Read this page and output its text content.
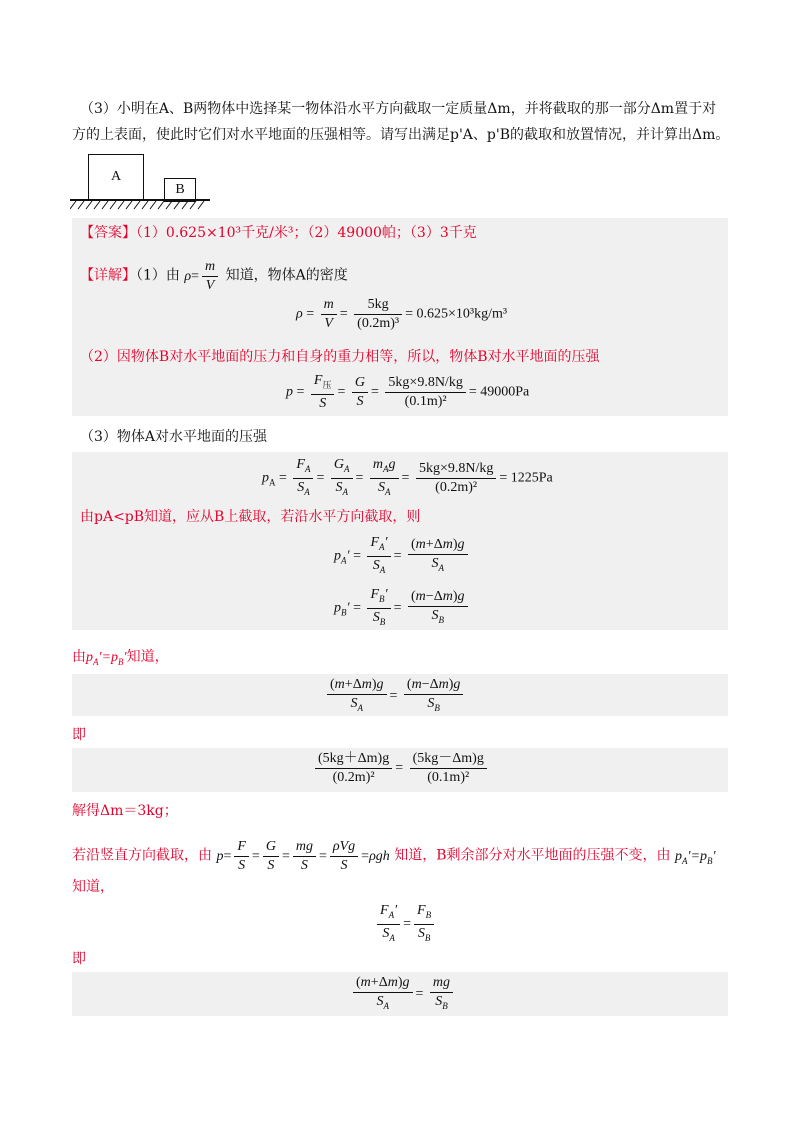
（3）小明在A、B两物体中选择某一物体沿水平方向截取一定质量Δm，并将截取的那一部分Δm置于对
方的上表面，使此时它们对水平地面的压强相等。请写出满足p'A、p'B的截取和放置情况，并计算出Δm。
A
B
【答案】（1）0.625×10³千克/米³；（2）49000帕；（3）3千克
【详解】（1）由 $\rho= \frac{m}{V}$ 知道，物体A的密度
$\rho = \frac{m}{V} = \frac{5kg}{\text{(0.2m)³}} = 0.625\times 10^3kg/m^3$
（2）因物体B对水平地面的压力和自身的重力相等，所以，物体B对水平地面的压强
$p = \frac{F_压}{S} = \frac{G}{S} = \frac{5kg\times 9.8N/kg}{\text{(0.1m)²}} = 49000Pa$
（3）物体A对水平地面的压强
$p_A = \frac{F_A}{S_A} = \frac{G_A}{S_A} = \frac{m_Ag}{S_A} = \frac{5kg\times 9.8N/kg}{\text{(0.2m)²}} = 1225Pa$
由pA<pB知道，应从B上截取，若沿水平方向截取，则
$p_A' = \frac{F_A'}{S_A} = \frac{(m+\Delta m)g}{S_A}$
$p_B' = \frac{F_B'}{S_B} = \frac{(m-\Delta m)g}{S_B}$
由$p_A'=p_B'$知道，
$\frac{(m+\Delta m)g}{S_A} = \frac{(m-\Delta m)g}{S_B}$
即
$\frac{(5kg+\Delta m)g}{\text{(0.2m)²}} = \frac{(5kg-\Delta m)g}{\text{(0.1m)²}}$
解得Δm＝3kg；
若沿竖直方向截取，由 $p= \frac{F}{S} = \frac{G}{S} = \frac{mg}{S} = \frac{\text{ρVg}}{S} =\rho gh$ 知道，B剩余部分对水平地面的压强不变，由 $p_A'=p_B'$
知道，
$\frac{F_A'}{S_A} = \frac{F_B}{S_B}$
即
$\frac{(m+\Delta m)g}{S_A} = \frac{mg}{S_B}$
